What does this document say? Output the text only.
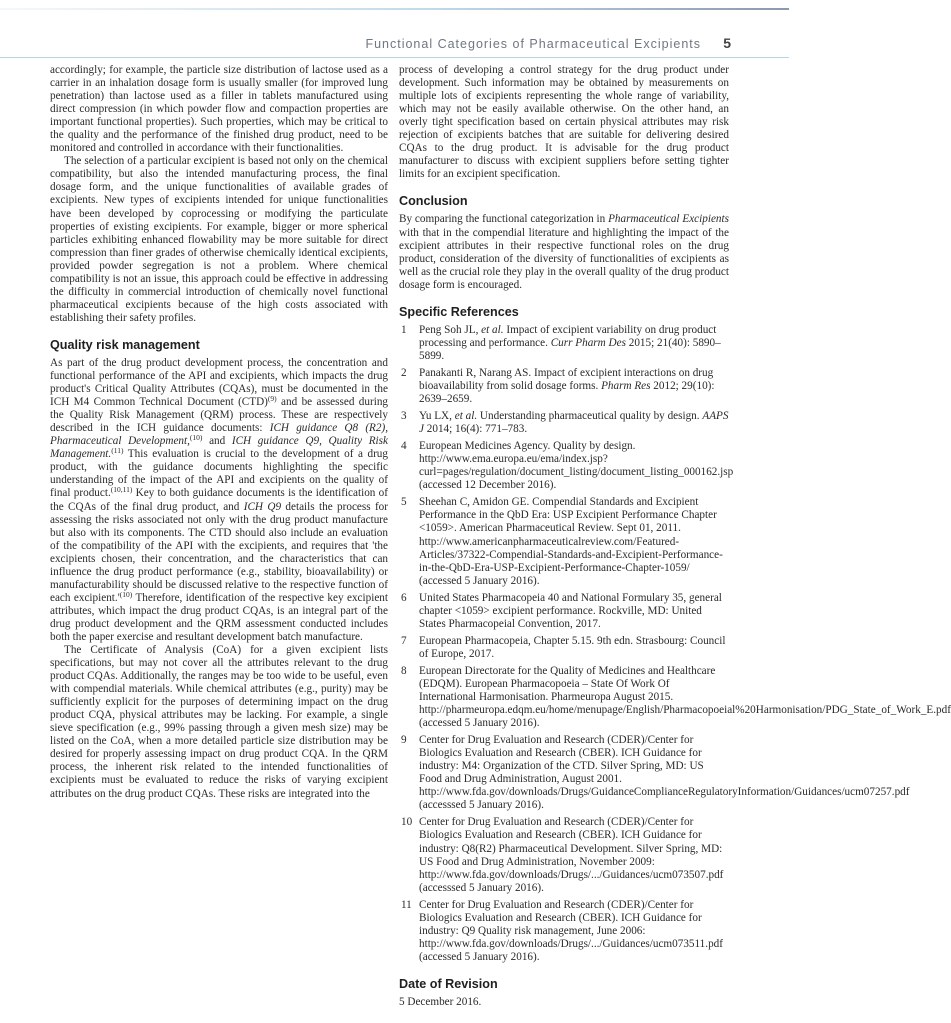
Functional Categories of Pharmaceutical Excipients 5

accordingly; for example, the particle size distribution of lactose used as a carrier in an inhalation dosage form is usually smaller (for improved lung penetration) than lactose used as a filler in tablets manufactured using direct compression (in which powder flow and compaction properties are important functional properties). Such properties, which may be critical to the quality and the performance of the finished drug product, need to be monitored and controlled in accordance with their functionalities.

The selection of a particular excipient is based not only on the chemical compatibility, but also the intended manufacturing process, the final dosage form, and the unique functionalities of available grades of excipients. New types of excipients intended for unique functionalities have been developed by coprocessing or modifying the particulate properties of existing excipients. For example, bigger or more spherical particles exhibiting enhanced flowability may be more suitable for direct compression than finer grades of otherwise chemically identical excipients, provided powder segregation is not a problem. Where chemical compatibility is not an issue, this approach could be effective in addressing the difficulty in commercial introduction of chemically novel functional pharmaceutical excipients because of the high costs associated with establishing their safety profiles.

Quality risk management

As part of the drug product development process, the concentration and functional performance of the API and excipients, which impacts the drug product's Critical Quality Attributes (CQAs), must be documented in the ICH M4 Common Technical Document (CTD)$^{(9)}$ and be assessed during the Quality Risk Management (QRM) process. These are respectively described in the ICH guidance documents: ICH guidance Q8 (R2), Pharmaceutical Development,$^{(10)}$ and ICH guidance Q9, Quality Risk Management.$^{(11)}$ This evaluation is crucial to the development of a drug product, with the guidance documents highlighting the specific understanding of the impact of the API and excipients on the quality of final product.$^{(10,11)}$ Key to both guidance documents is the identification of the CQAs of the final drug product, and ICH Q9 details the process for assessing the risks associated not only with the drug product manufacture but also with its components. The CTD should also include an evaluation of the compatibility of the API with the excipients, and requires that 'the excipients chosen, their concentration, and the characteristics that can influence the drug product performance (e.g., stability, bioavailability) or manufacturability should be discussed relative to the respective function of each $excipient.'^{(10)}$ Therefore, identification of the respective key excipient attributes, which impact the drug product CQAs, is an integral part of the drug product development and the QRM assessment conducted includes both the paper exercise and resultant development batch manufacture.

The Certificate of Analysis (CoA) for a given excipient lists specifications, but may not cover all the attributes relevant to the drug product CQAs. Additionally, the ranges may be too wide to be useful, even with compendial materials. While chemical attributes (e.g., purity) may be sufficiently explicit for the purposes of determining impact on the drug product CQA, physical attributes may be lacking. For example, a single sieve specification (e.g., 99% passing through a given mesh size) may be listed on the CoA, when a more detailed particle size distribution may be desired for properly assessing impact on drug product CQA. In the QRM process, the inherent risk related to the intended functionalities of excipients must be evaluated to reduce the risks of varying excipient attributes on the drug product CQAs. These risks are integrated into the

process of developing a control strategy for the drug product under development. Such information may be obtained by measurements on multiple lots of excipients representing the whole range of variability, which may not be easily available otherwise. On the other hand, an overly tight specification based on certain physical attributes may risk rejection of excipients batches that are suitable for delivering desired CQAs to the drug product. It is advisable for the drug product manufacturer to discuss with excipient suppliers before setting tighter limits for an excipient specification.

Conclusion

By comparing the functional categorization in Pharmaceutical Excipients with that in the compendial literature and highlighting the impact of the excipient attributes in their respective functional roles on the drug product, consideration of the diversity of functionalities of excipients as well as the crucial role they play in the overall quality of the drug product dosage form is encouraged.

Specific References
1 Peng Soh JL, et al. Impact of excipient variability on drug product processing and performance. Curr Pharm Des 2015; 21(40): 5890–5899.
2 Panakanti R, Narang AS. Impact of excipient interactions on drug bioavailability from solid dosage forms. Pharm Res 2012; 29(10): 2639–2659.
3 Yu LX, et al. Understanding pharmaceutical quality by design. AAPS J 2014; 16(4): 771–783.
4 European Medicines Agency. Quality by design. http://www.ema.europa.eu/ema/index.jsp?curl=pages/regulation/document_listing/document_listing_000162.jsp (accessed 12 December 2016).
5 Sheehan C, Amidon GE. Compendial Standards and Excipient Performance in the QbD Era: USP Excipient Performance Chapter <1059>. American Pharmaceutical Review. Sept 01, 2011. http://www.americanpharmaceuticalreview.com/Featured-Articles/37322-Compendial-Standards-and-Excipient-Performance-in-the-QbD-Era-USP-Excipient-Performance-Chapter-1059/ (accessed 5 January 2016).
6 United States Pharmacopeia 40 and National Formulary 35, general chapter <1059> excipient performance. Rockville, MD: United States Pharmacopeial Convention, 2017.
7 European Pharmacopeia, Chapter 5.15. 9th edn. Strasbourg: Council of Europe, 2017.
8 European Directorate for the Quality of Medicines and Healthcare (EDQM). European Pharmacopoeia – State Of Work Of International Harmonisation. Pharmeuropa August 2015. http://pharmeuropa.edqm.eu/home/menupage/English/Pharmacopoeial%20Harmonisation/PDG_State_of_Work_E.pdf (accessed 5 January 2016).
9 Center for Drug Evaluation and Research (CDER)/Center for Biologics Evaluation and Research (CBER). ICH Guidance for industry: M4: Organization of the CTD. Silver Spring, MD: US Food and Drug Administration, August 2001. http://www.fda.gov/downloads/Drugs/GuidanceComplianceRegulatoryInformation/Guidances/ucm07257.pdf (accesssed 5 January 2016).
10 Center for Drug Evaluation and Research (CDER)/Center for Biologics Evaluation and Research (CBER). ICH Guidance for industry: Q8(R2) Pharmaceutical Development. Silver Spring, MD: US Food and Drug Administration, November 2009: http://www.fda.gov/downloads/Drugs/.../Guidances/ucm073507.pdf (accesssed 5 January 2016).
11 Center for Drug Evaluation and Research (CDER)/Center for Biologics Evaluation and Research (CBER). ICH Guidance for industry: Q9 Quality risk management, June 2006: http://www.fda.gov/downloads/Drugs/.../Guidances/ucm073511.pdf (accessed 5 January 2016).
Date of Revision

5 December 2016.
